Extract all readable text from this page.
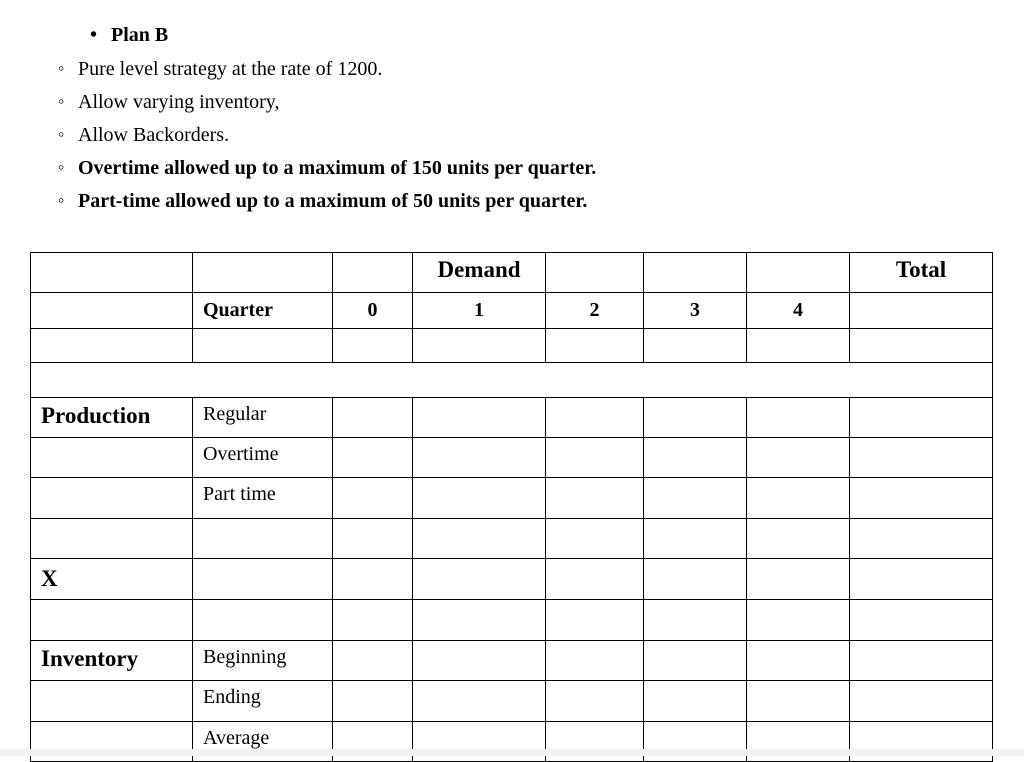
• Plan B
◦ Pure level strategy at the rate of 1200.
◦ Allow varying inventory,
◦ Allow Backorders.
◦ Overtime allowed up to a maximum of 150 units per quarter.
◦ Part-time allowed up to a maximum of 50 units per quarter.
			Demand				Total
	Quarter	0	1	2	3	4	

Production	Regular						
	Overtime						
	Part time						

X							

Inventory	Beginning						
	Ending						
	Average						
